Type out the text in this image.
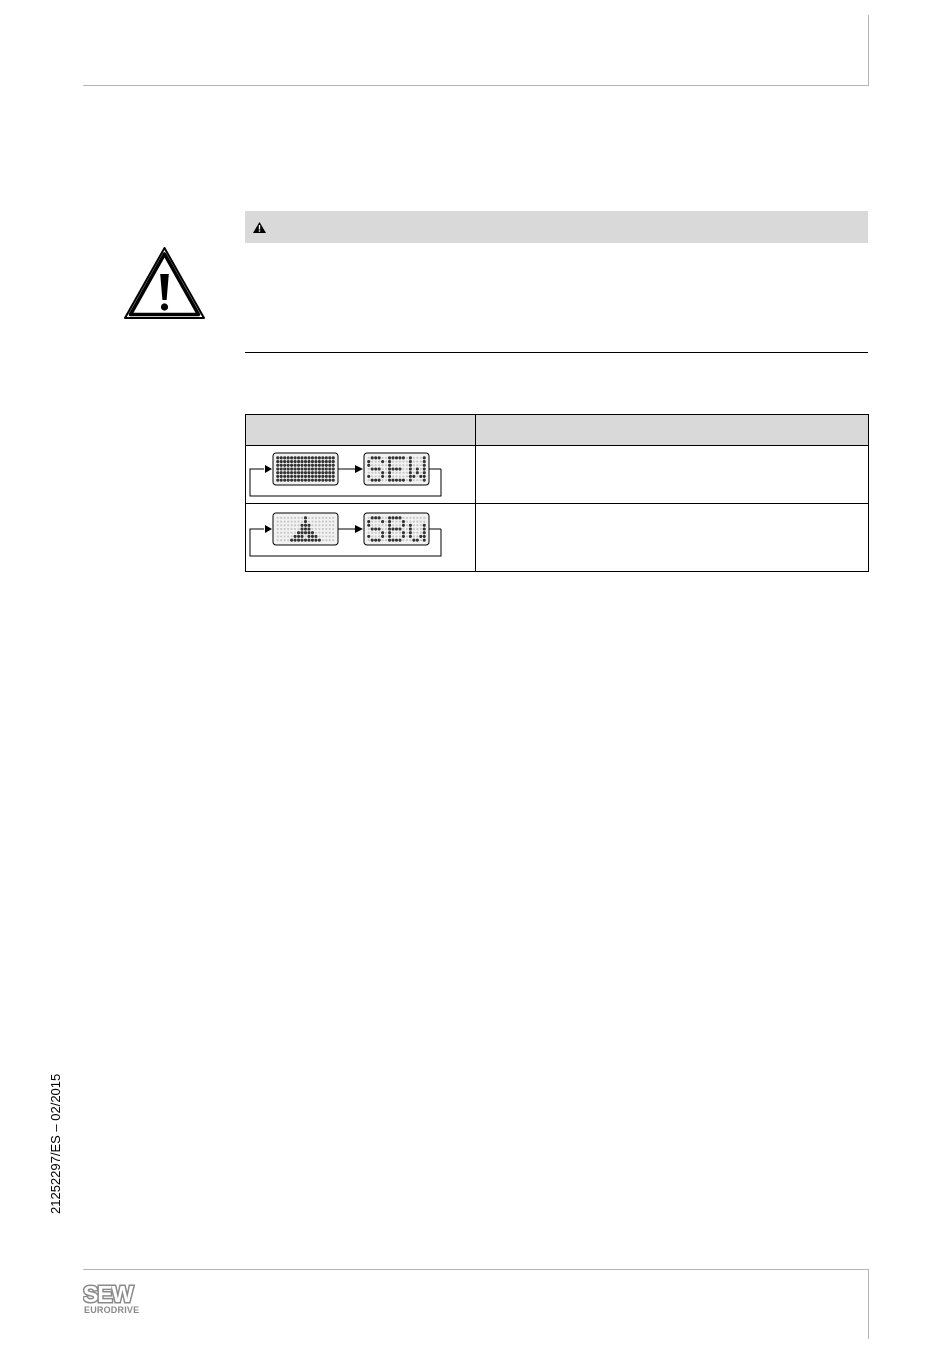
21252297/ES – 02/2015
SEW
EURODRIVE
